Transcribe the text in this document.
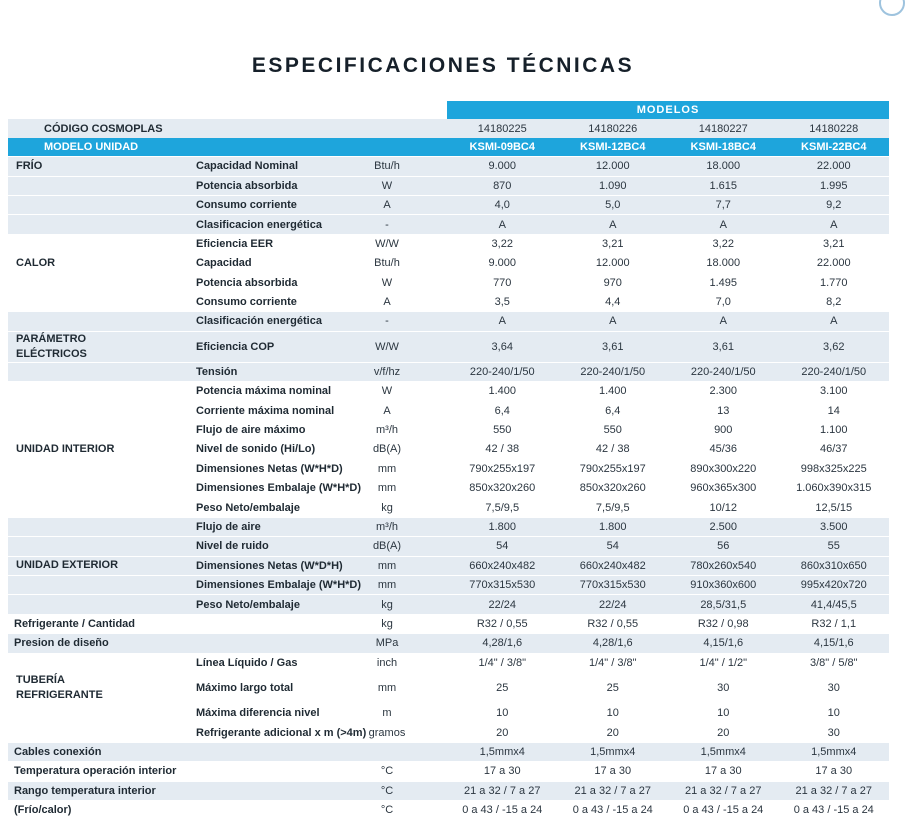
ESPECIFICACIONES TÉCNICAS
			MODELOS			
CÓDIGO COSMOPLAS			14180225	14180226	14180227	14180228
MODELO UNIDAD			KSMI-09BC4	KSMI-12BC4	KSMI-18BC4	KSMI-22BC4
FRÍO	Capacidad Nominal	Btu/h	9.000	12.000	18.000	22.000
	Potencia absorbida	W	870	1.090	1.615	1.995
	Consumo corriente	A	4,0	5,0	7,7	9,2
	Clasificacion energética	-	A	A	A	A
	Eficiencia EER	W/W	3,22	3,21	3,22	3,21
CALOR	Capacidad	Btu/h	9.000	12.000	18.000	22.000
	Potencia absorbida	W	770	970	1.495	1.770
	Consumo corriente	A	3,5	4,4	7,0	8,2
	Clasificación energética	-	A	A	A	A
PARÁMETRO ELÉCTRICOS	Eficiencia COP	W/W	3,64	3,61	3,61	3,62
	Tensión	v/f/hz	220-240/1/50	220-240/1/50	220-240/1/50	220-240/1/50
	Potencia máxima nominal	W	1.400	1.400	2.300	3.100
	Corriente máxima nominal	A	6,4	6,4	13	14
	Flujo de aire máximo	m³/h	550	550	900	1.100
UNIDAD INTERIOR	Nivel de sonido (Hi/Lo)	dB(A)	42 / 38	42 / 38	45/36	46/37
	Dimensiones Netas (W*H*D)	mm	790x255x197	790x255x197	890x300x220	998x325x225
	Dimensiones Embalaje (W*H*D)	mm	850x320x260	850x320x260	960x365x300	1.060x390x315
	Peso Neto/embalaje	kg	7,5/9,5	7,5/9,5	10/12	12,5/15
	Flujo de aire	m³/h	1.800	1.800	2.500	3.500
	Nivel de ruido	dB(A)	54	54	56	55
UNIDAD EXTERIOR	Dimensiones Netas (W*D*H)	mm	660x240x482	660x240x482	780x260x540	860x310x650
	Dimensiones Embalaje (W*H*D)	mm	770x315x530	770x315x530	910x360x600	995x420x720
	Peso Neto/embalaje	kg	22/24	22/24	28,5/31,5	41,4/45,5
Refrigerante / Cantidad		kg	R32 / 0,55	R32 / 0,55	R32 / 0,98	R32 / 1,1
Presion de diseño		MPa	4,28/1,6	4,28/1,6	4,15/1,6	4,15/1,6
	Línea Líquido / Gas	inch	1/4" / 3/8"	1/4" / 3/8"	1/4" / 1/2"	3/8" / 5/8"
TUBERÍA REFRIGERANTE	Máximo largo total	mm	25	25	30	30
	Máxima diferencia nivel	m	10	10	10	10
	Refrigerante adicional x m (>4m)	gramos	20	20	20	30
Cables conexión			1,5mmx4	1,5mmx4	1,5mmx4	1,5mmx4
Temperatura operación interior		°C	17 a 30	17 a 30	17 a 30	17 a 30
Rango temperatura interior		°C	21 a 32 / 7 a 27	21 a 32 / 7 a 27	21 a 32 / 7 a 27	21 a 32 / 7 a 27
(Frío/calor)		°C	0 a 43 / -15 a 24	0 a 43 / -15 a 24	0 a 43 / -15 a 24	0 a 43 / -15 a 24
